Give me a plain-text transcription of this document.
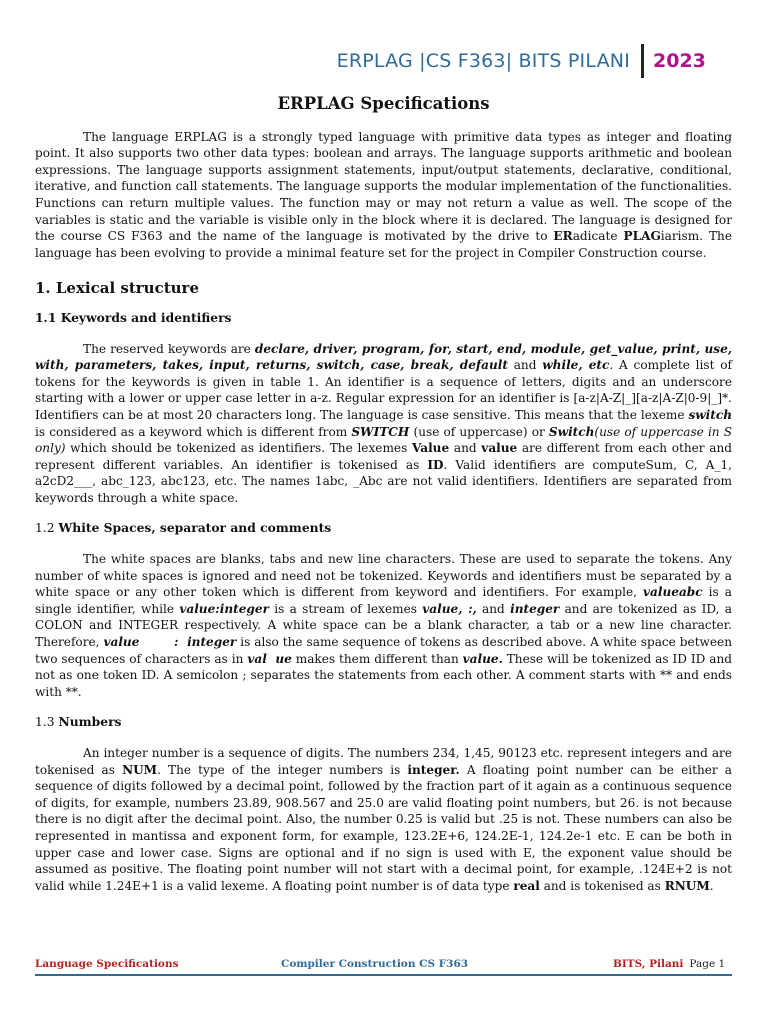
ERPLAG |CS F363| BITS PILANI 2023
ERPLAG Specifications

The language ERPLAG is a strongly typed language with primitive data types as integer and floating point. It also supports two other data types: boolean and arrays. The language supports arithmetic and boolean expressions. The language supports assignment statements, input/output statements, declarative, conditional, iterative, and function call statements. The language supports the modular implementation of the functionalities. Functions can return multiple values. The function may or may not return a value as well. The scope of the variables is static and the variable is visible only in the block where it is declared. The language is designed for the course CS F363 and the name of the language is motivated by the drive to ERadicate PLAGiarism. The language has been evolving to provide a minimal feature set for the project in Compiler Construction course.

1. Lexical structure
1.1 Keywords and identifiers

The reserved keywords are declare, driver, program, for, start, end, module, get_value, print, use, with, parameters, takes, input, returns, switch, case, break, default and while, etc. A complete list of tokens for the keywords is given in table 1. An identifier is a sequence of letters, digits and an underscore starting with a lower or upper case letter in a-z. Regular expression for an identifier is [a-z|A-Z|_][a-z|A-Z|0-9|_]*. Identifiers can be at most 20 characters long. The language is case sensitive. This means that the lexeme switch is considered as a keyword which is different from SWITCH (use of uppercase) or Switch(use of uppercase in S only) which should be tokenized as identifiers. The lexemes Value and value are different from each other and represent different variables. An identifier is tokenised as ID. Valid identifiers are computeSum, C, A_1, a2cD2___, abc_123, abc123, etc. The names 1abc, _Abc are not valid identifiers. Identifiers are separated from keywords through a white space.

1.2 White Spaces, separator and comments

The white spaces are blanks, tabs and new line characters. These are used to separate the tokens. Any number of white spaces is ignored and need not be tokenized. Keywords and identifiers must be separated by a white space or any other token which is different from keyword and identifiers. For example, valueabc is a single identifier, while value:integer is a stream of lexemes value, :, and integer and are tokenized as ID, a COLON and INTEGER respectively. A white space can be a blank character, a tab or a new line character. Therefore, value        :  integer is also the same sequence of tokens as described above. A white space between two sequences of characters as in val  ue makes them different than value. These will be tokenized as ID ID and not as one token ID. A semicolon ; separates the statements from each other. A comment starts with ** and ends with **.

1.3 Numbers

An integer number is a sequence of digits. The numbers 234, 1,45, 90123 etc. represent integers and are tokenised as NUM. The type of the integer numbers is integer. A floating point number can be either a sequence of digits followed by a decimal point, followed by the fraction part of it again as a continuous sequence of digits, for example, numbers 23.89, 908.567 and 25.0 are valid floating point numbers, but 26. is not because there is no digit after the decimal point. Also, the number 0.25 is valid but .25 is not. These numbers can also be represented in mantissa and exponent form, for example, 123.2E+6, 124.2E-1, 124.2e-1 etc. E can be both in upper case and lower case. Signs are optional and if no sign is used with E, the exponent value should be assumed as positive. The floating point number will not start with a decimal point, for example, .124E+2 is not valid while 1.24E+1 is a valid lexeme. A floating point number is of data type real and is tokenised as RNUM.

Language Specifications	Compiler Construction CS F363	BITS, Pilani Page 1
